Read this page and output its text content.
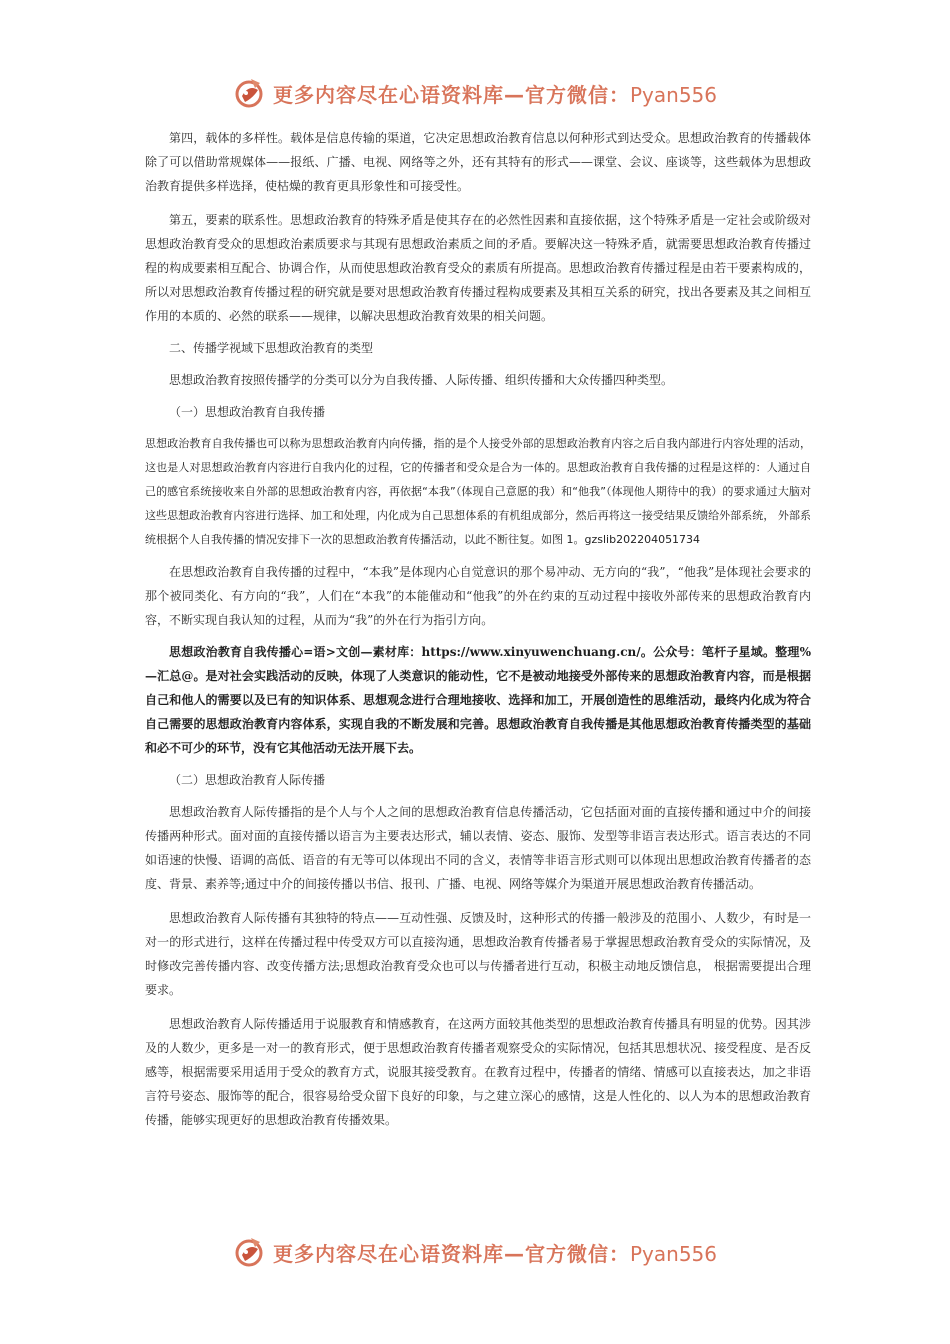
更多内容尽在心语资料库—官方微信：Pyan556

第四，载体的多样性。载体是信息传输的渠道，它决定思想政治教育信息以何种形式到达受众。思想政治教育的传播载体除了可以借助常规媒体——报纸、广播、电视、网络等之外，还有其特有的形式——课堂、会议、座谈等，这些载体为思想政治教育提供多样选择，使枯燥的教育更具形象性和可接受性。

第五，要素的联系性。思想政治教育的特殊矛盾是使其存在的必然性因素和直接依据，这个特殊矛盾是一定社会或阶级对思想政治教育受众的思想政治素质要求与其现有思想政治素质之间的矛盾。要解决这一特殊矛盾，就需要思想政治教育传播过程的构成要素相互配合、协调合作，从而使思想政治教育受众的素质有所提高。思想政治教育传播过程是由若干要素构成的，所以对思想政治教育传播过程的研究就是要对思想政治教育传播过程构成要素及其相互关系的研究，找出各要素及其之间相互作用的本质的、必然的联系——规律，以解决思想政治教育效果的相关问题。

二、传播学视域下思想政治教育的类型

思想政治教育按照传播学的分类可以分为自我传播、人际传播、组织传播和大众传播四种类型。

（一）思想政治教育自我传播

思想政治教育自我传播也可以称为思想政治教育内向传播，指的是个人接受外部的思想政治教育内容之后自我内部进行内容处理的活动，这也是人对思想政治教育内容进行自我内化的过程，它的传播者和受众是合为一体的。思想政治教育自我传播的过程是这样的：人通过自己的感官系统接收来自外部的思想政治教育内容，再依据“本我”（体现自己意愿的我）和“他我”（体现他人期待中的我）的要求通过大脑对这些思想政治教育内容进行选择、加工和处理，内化成为自己思想体系的有机组成部分，然后再将这一接受结果反馈给外部系统， 外部系统根据个人自我传播的情况安排下一次的思想政治教育传播活动，以此不断往复。如图 1。gzslib202204051734

在思想政治教育自我传播的过程中，“本我”是体现内心自觉意识的那个易冲动、无方向的“我”，“他我”是体现社会要求的那个被同类化、有方向的“我”，人们在“本我”的本能催动和“他我”的外在约束的互动过程中接收外部传来的思想政治教育内容，不断实现自我认知的过程，从而为“我”的外在行为指引方向。

思想政治教育自我传播心=语>文创—素材库：https://www.xinyuwenchuang.cn/。公众号：笔杆子星域。整理%—汇总@。是对社会实践活动的反映，体现了人类意识的能动性，它不是被动地接受外部传来的思想政治教育内容，而是根据自己和他人的需要以及已有的知识体系、思想观念进行合理地接收、选择和加工，开展创造性的思维活动，最终内化成为符合自己需要的思想政治教育内容体系，实现自我的不断发展和完善。思想政治教育自我传播是其他思想政治教育传播类型的基础和必不可少的环节，没有它其他活动无法开展下去。

（二）思想政治教育人际传播

思想政治教育人际传播指的是个人与个人之间的思想政治教育信息传播活动，它包括面对面的直接传播和通过中介的间接传播两种形式。面对面的直接传播以语言为主要表达形式，辅以表情、姿态、服饰、发型等非语言表达形式。语言表达的不同如语速的快慢、语调的高低、语音的有无等可以体现出不同的含义，表情等非语言形式则可以体现出思想政治教育传播者的态度、背景、素养等;通过中介的间接传播以书信、报刊、广播、电视、网络等媒介为渠道开展思想政治教育传播活动。

思想政治教育人际传播有其独特的特点——互动性强、反馈及时，这种形式的传播一般涉及的范围小、人数少，有时是一对一的形式进行，这样在传播过程中传受双方可以直接沟通，思想政治教育传播者易于掌握思想政治教育受众的实际情况，及时修改完善传播内容、改变传播方法;思想政治教育受众也可以与传播者进行互动，积极主动地反馈信息， 根据需要提出合理要求。

思想政治教育人际传播适用于说服教育和情感教育，在这两方面较其他类型的思想政治教育传播具有明显的优势。因其涉及的人数少，更多是一对一的教育形式，便于思想政治教育传播者观察受众的实际情况，包括其思想状况、接受程度、是否反感等，根据需要采用适用于受众的教育方式，说服其接受教育。在教育过程中，传播者的情绪、情感可以直接表达，加之非语言符号姿态、服饰等的配合，很容易给受众留下良好的印象，与之建立深心的感情，这是人性化的、以人为本的思想政治教育传播，能够实现更好的思想政治教育传播效果。

更多内容尽在心语资料库—官方微信：Pyan556
